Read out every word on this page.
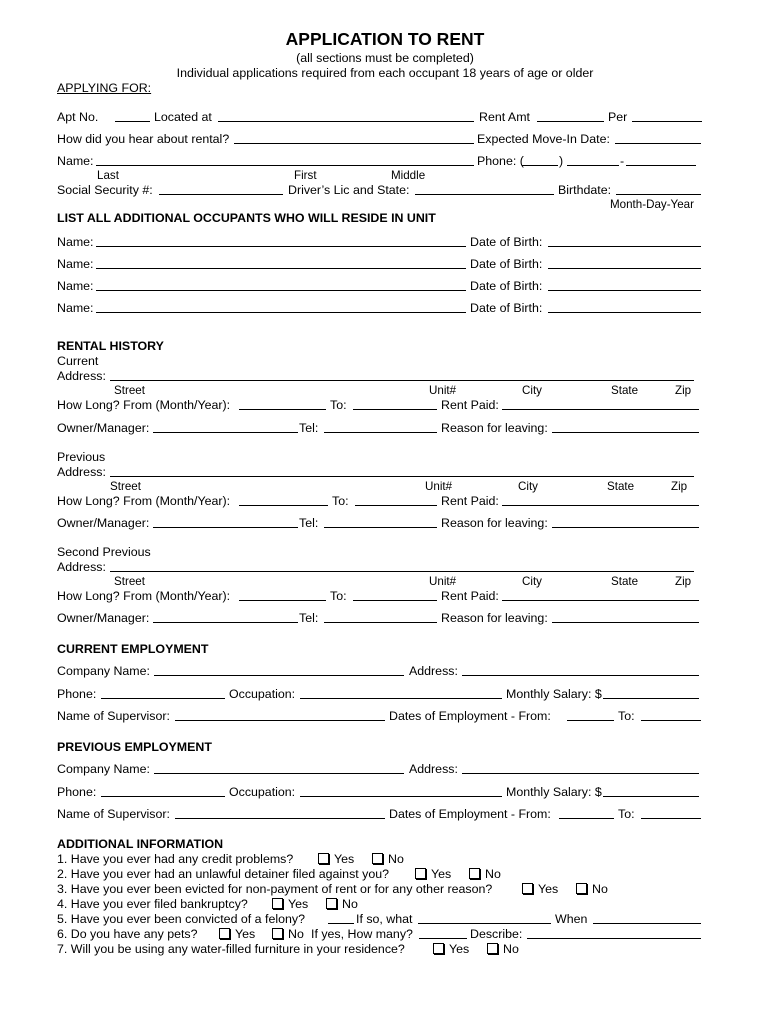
APPLICATION TO RENT
(all sections must be completed)
Individual applications required from each occupant 18 years of age or older
APPLYING FOR:
Apt No.	Located at	Rent Amt	Per
How did you hear about rental?	Expected Move-In Date:
Name:	Phone: (	)	-
Last	First	Middle
Social Security #:	Driver’s Lic and State:	Birthdate:
Month-Day-Year
LIST ALL ADDITIONAL OCCUPANTS WHO WILL RESIDE IN UNIT
Name:	Date of Birth:
Name:	Date of Birth:
Name:	Date of Birth:
Name:	Date of Birth:
RENTAL HISTORY
Current
Address:
Street	Unit#	City	State	Zip
How Long? From (Month/Year):	To:	Rent Paid:
Owner/Manager:	Tel:	Reason for leaving:
Previous
Address:
Street	Unit#	City	State	Zip
How Long? From (Month/Year):	To:	Rent Paid:
Owner/Manager:	Tel:	Reason for leaving:
Second Previous
Address:
Street	Unit#	City	State	Zip
How Long? From (Month/Year):	To:	Rent Paid:
Owner/Manager:	Tel:	Reason for leaving:
CURRENT EMPLOYMENT
Company Name:	Address:
Phone:	Occupation:	Monthly Salary: $
Name of Supervisor:	Dates of Employment - From:	To:
PREVIOUS EMPLOYMENT
Company Name:	Address:
Phone:	Occupation:	Monthly Salary: $
Name of Supervisor:	Dates of Employment - From:	To:
ADDITIONAL INFORMATION
1. Have you ever had any credit problems?	Yes	No
2. Have you ever had an unlawful detainer filed against you?	Yes	No
3. Have you ever been evicted for non-payment of rent or for any other reason?	Yes	No
4. Have you ever filed bankruptcy?	Yes	No
5. Have you ever been convicted of a felony?	If so, what	When
6. Do you have any pets?	Yes	No If yes, How many?	Describe:
7. Will you be using any water-filled furniture in your residence?	Yes	No
